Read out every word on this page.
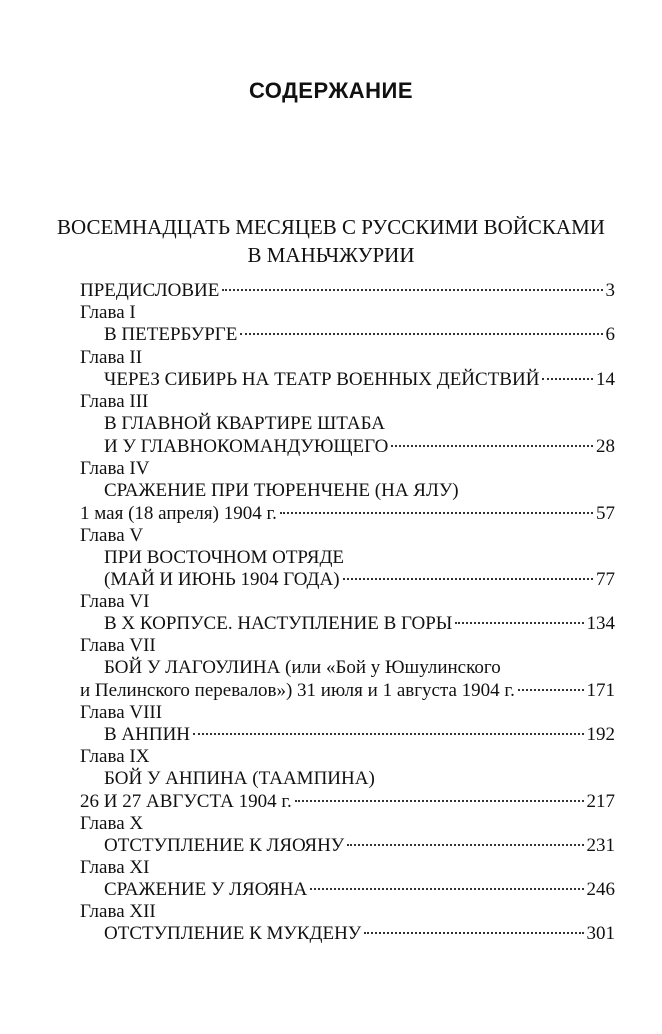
СОДЕРЖАНИЕ
ВОСЕМНАДЦАТЬ МЕСЯЦЕВ С РУССКИМИ ВОЙСКАМИ
В МАНЬЧЖУРИИ
ПРЕДИСЛОВИЕ	3
Глава I
В ПЕТЕРБУРГЕ	6
Глава II
ЧЕРЕЗ СИБИРЬ НА ТЕАТР ВОЕННЫХ ДЕЙСТВИЙ	14
Глава III
В ГЛАВНОЙ КВАРТИРЕ ШТАБА
И У ГЛАВНОКОМАНДУЮЩЕГО	28
Глава IV
СРАЖЕНИЕ ПРИ ТЮРЕНЧЕНЕ (НА ЯЛУ)
1 мая (18 апреля) 1904 г.	57
Глава V
ПРИ ВОСТОЧНОМ ОТРЯДЕ
(МАЙ И ИЮНЬ 1904 ГОДА)	77
Глава VI
В X КОРПУСЕ. НАСТУПЛЕНИЕ В ГОРЫ	134
Глава VII
БОЙ У ЛАГОУЛИНА (или «Бой у Юшулинского
и Пелинского перевалов») 31 июля и 1 августа 1904 г.	171
Глава VIII
В АНПИН	192
Глава IX
БОЙ У АНПИНА (ТААМПИНА)
26 И 27 АВГУСТА 1904 г.	217
Глава X
ОТСТУПЛЕНИЕ К ЛЯОЯНУ	231
Глава XI
СРАЖЕНИЕ У ЛЯОЯНА	246
Глава XII
ОТСТУПЛЕНИЕ К МУКДЕНУ	301
